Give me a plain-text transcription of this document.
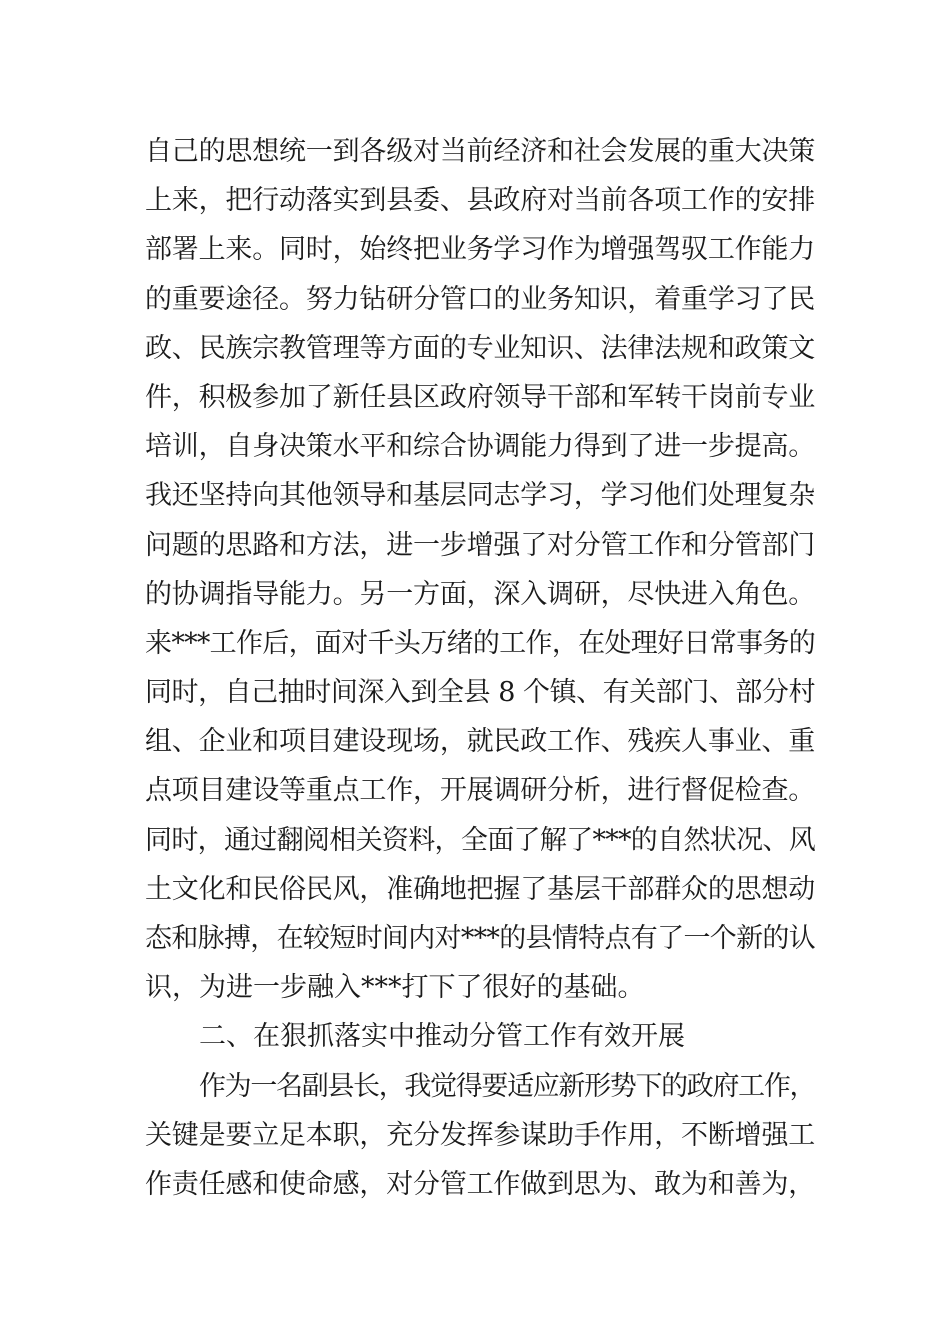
自己的思想统一到各级对当前经济和社会发展的重大决策
上来，把行动落实到县委、县政府对当前各项工作的安排
部署上来。同时，始终把业务学习作为增强驾驭工作能力
的重要途径。努力钻研分管口的业务知识，着重学习了民
政、民族宗教管理等方面的专业知识、法律法规和政策文
件，积极参加了新任县区政府领导干部和军转干岗前专业
培训，自身决策水平和综合协调能力得到了进一步提高。
我还坚持向其他领导和基层同志学习，学习他们处理复杂
问题的思路和方法，进一步增强了对分管工作和分管部门
的协调指导能力。另一方面，深入调研，尽快进入角色。
来***工作后，面对千头万绪的工作，在处理好日常事务的
同时，自己抽时间深入到全县 8 个镇、有关部门、部分村
组、企业和项目建设现场，就民政工作、残疾人事业、重
点项目建设等重点工作，开展调研分析，进行督促检查。
同时，通过翻阅相关资料，全面了解了***的自然状况、风
土文化和民俗民风，准确地把握了基层干部群众的思想动
态和脉搏，在较短时间内对***的县情特点有了一个新的认
识，为进一步融入***打下了很好的基础。
二、在狠抓落实中推动分管工作有效开展
作为一名副县长，我觉得要适应新形势下的政府工作，
关键是要立足本职，充分发挥参谋助手作用，不断增强工
作责任感和使命感，对分管工作做到思为、敢为和善为，
